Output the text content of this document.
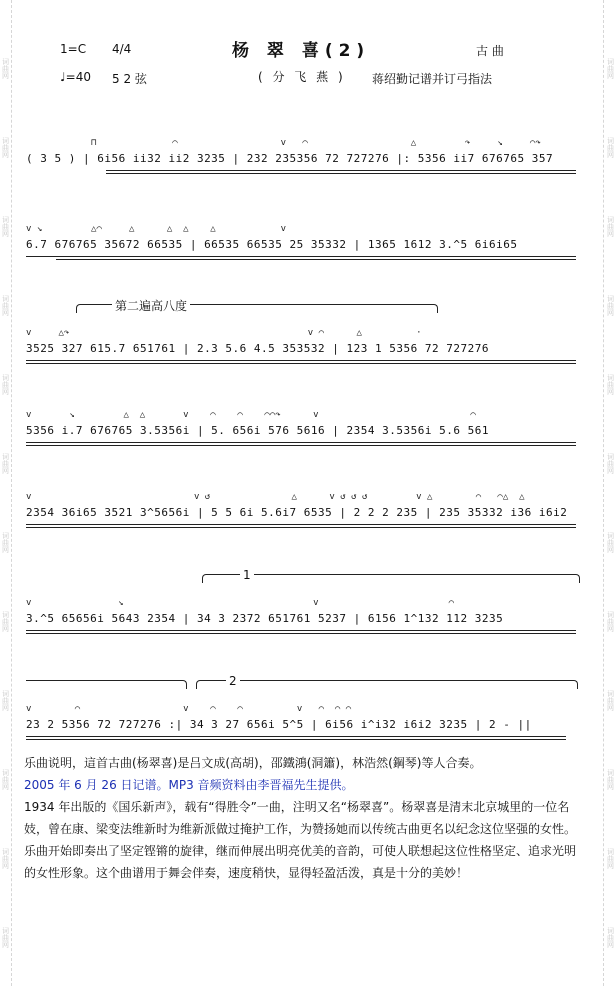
词曲网
词曲网
词曲网
词曲网
词曲网
词曲网
词曲网
词曲网
词曲网
词曲网
词曲网
词曲网
词曲网
词曲网
词曲网
词曲网
词曲网
词曲网
词曲网
词曲网
词曲网
词曲网
词曲网
词曲网
1=C 4/4	杨 翠 喜(2)	古 曲
♩=40 5 2 弦	( 分 飞 燕 ) 蒋绍勤记谱并订弓指法
⊓              ⌒                   v   ⌒                   △         ↷     ↘     ⌒↷
( 3 5 ) | 6i56 ii32 ii2 3235 | 232 235356 72 727276 |: 5356 ii7 676765 357
v ↘         △⌒     △      △  △    △            v
6.7 676765 35672 66535 | 66535 66535 25 35332 | 1365 1612 3.^5 6i6i65
第二遍高八度
v     △↷                                            v ⌒      △          ·
3525 327 615.7 651761 | 2.3 5.6 4.5 353532 | 123 1 5356 72 727276
v       ↘         △  △       v    ⌒    ⌒    ⌒⌒↷      v                            ⌒
5356 i.7 676765 3.5356i | 5. 656i 576 5616 | 2354 3.5356i 5.6 561
v                              v ↺               △      v ↺ ↺ ↺         v △        ⌒   ⌒△  △
2354 36i65 3521 3^5656i | 5 5 6i 5.6i7 6535 | 2 2 2 235 | 235 35332 i36 i6i2
1
v                ↘                                   v                        ⌒
3.^5 65656i 5643 2354 | 34 3 2372 651761 5237 | 6156 1^132 112 3235
2
v        ⌒                   v    ⌒    ⌒          v   ⌒  ⌒ ⌒
23 2 5356 72 727276 :| 34 3 27 656i 5^5 | 6i56 i^i32 i6i2 3235 | 2 - ||

乐曲说明，這首古曲(杨翠喜)是吕文成(高胡)，邵鐵鴻(洞簫)，林浩然(鋼琴)等人合奏。

2005 年 6 月 26 日记谱。MP3 音频资料由李晋福先生提供。

1934 年出版的《国乐新声》，载有“得胜令”一曲，注明又名“杨翠喜”。杨翠喜是清末北京城里的一位名妓，曾在康、梁变法维新时为维新派做过掩护工作，为赞扬她而以传统古曲更名以纪念这位坚强的女性。乐曲开始即奏出了坚定铿锵的旋律，继而伸展出明亮优美的音韵，可使人联想起这位性格坚定、追求光明的女性形象。这个曲谱用于舞会伴奏，速度稍快，显得轻盈活泼，真是十分的美妙！
